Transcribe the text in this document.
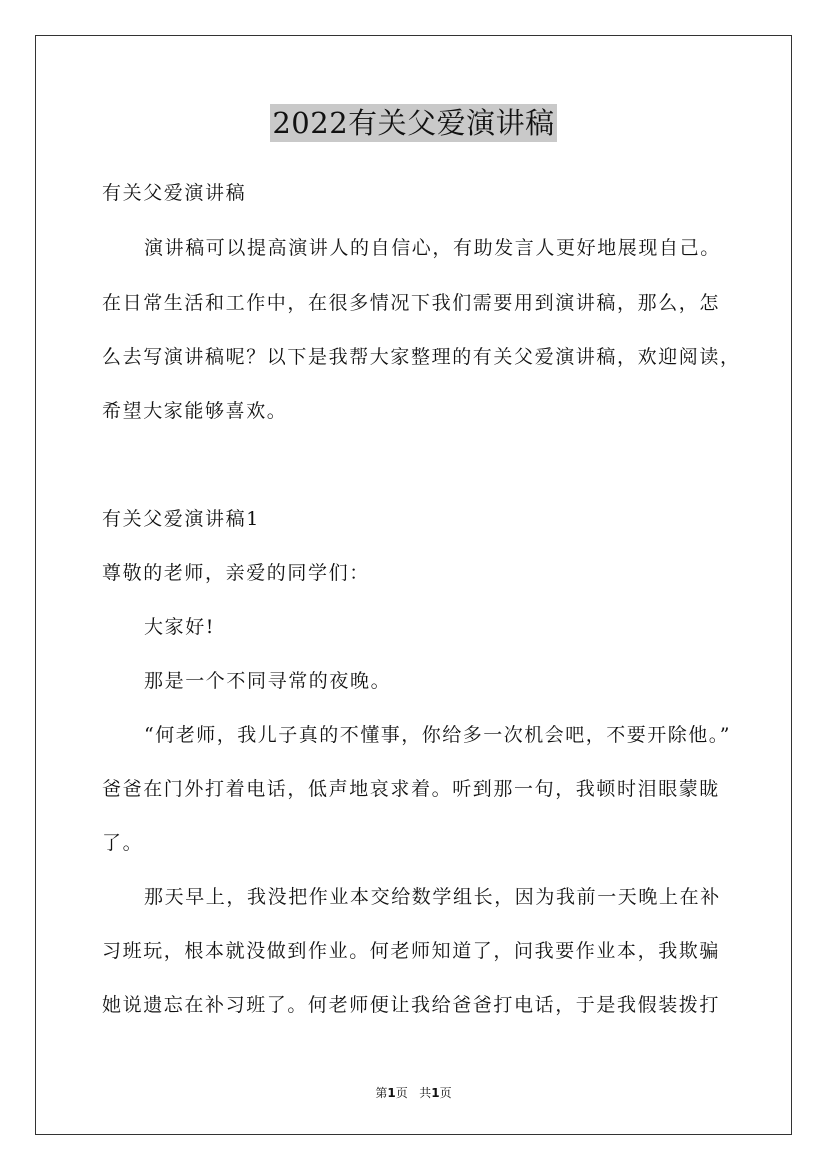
2022有关父爱演讲稿
有关父爱演讲稿
演讲稿可以提高演讲人的自信心，有助发言人更好地展现自己。
在日常生活和工作中，在很多情况下我们需要用到演讲稿，那么，怎
么去写演讲稿呢？以下是我帮大家整理的有关父爱演讲稿，欢迎阅读，
希望大家能够喜欢。
有关父爱演讲稿1
尊敬的老师，亲爱的同学们：
大家好!
那是一个不同寻常的夜晚。
“何老师，我儿子真的不懂事，你给多一次机会吧，不要开除他。”
爸爸在门外打着电话，低声地哀求着。听到那一句，我顿时泪眼蒙眬
了。
那天早上，我没把作业本交给数学组长，因为我前一天晚上在补
习班玩，根本就没做到作业。何老师知道了，问我要作业本，我欺骗
她说遗忘在补习班了。何老师便让我给爸爸打电话，于是我假装拨打
第1页 共1页
